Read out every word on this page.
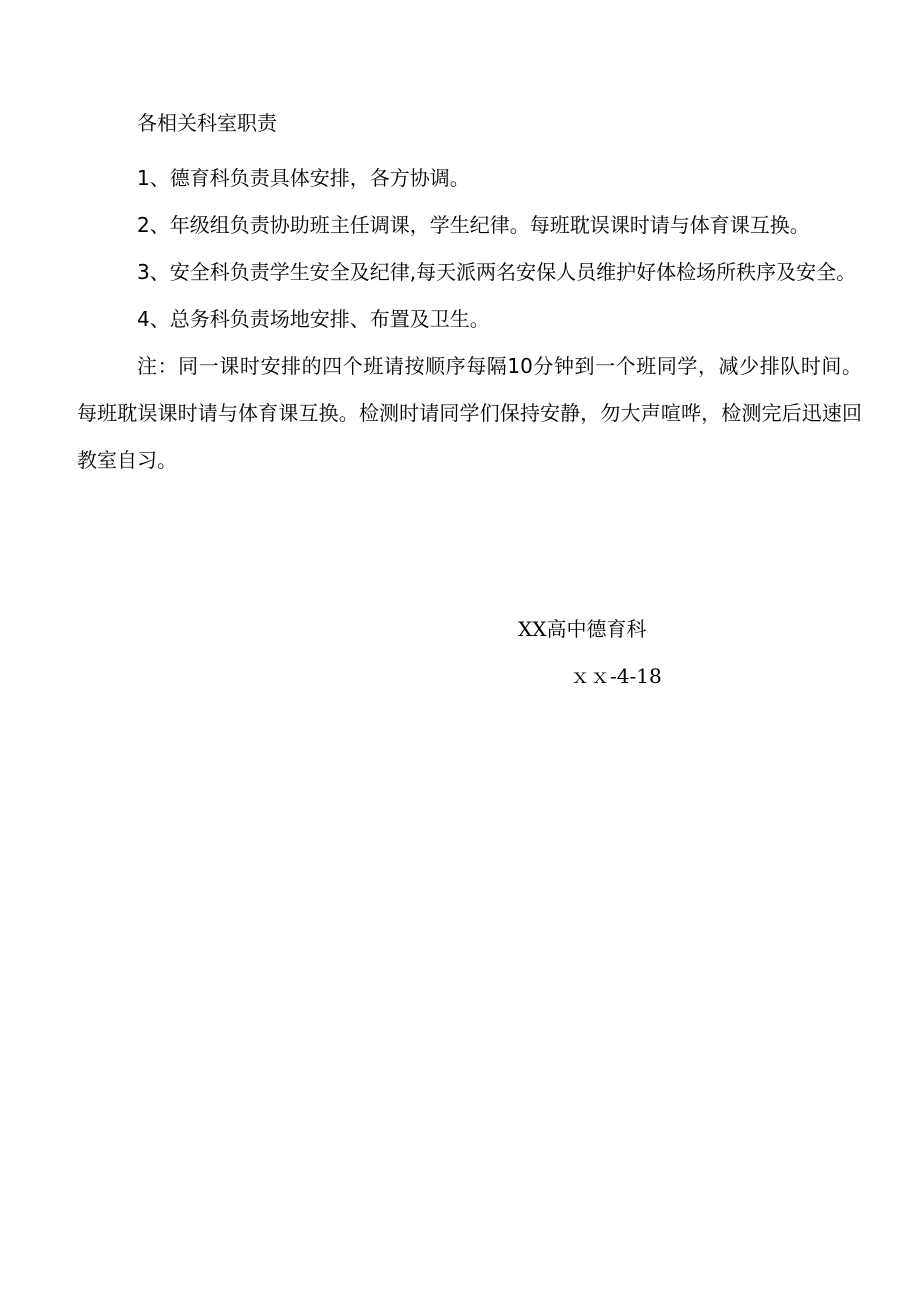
各相关科室职责

1、德育科负责具体安排，各方协调。

2、年级组负责协助班主任调课，学生纪律。每班耽误课时请与体育课互换。

3、安全科负责学生安全及纪律,每天派两名安保人员维护好体检场所秩序及安全。

4、总务科负责场地安排、布置及卫生。

注：同一课时安排的四个班请按顺序每隔10分钟到一个班同学，减少排队时间。每班耽误课时请与体育课互换。检测时请同学们保持安静，勿大声喧哗，检测完后迅速回教室自习。

XX高中德育科
ｘｘ-4-18
